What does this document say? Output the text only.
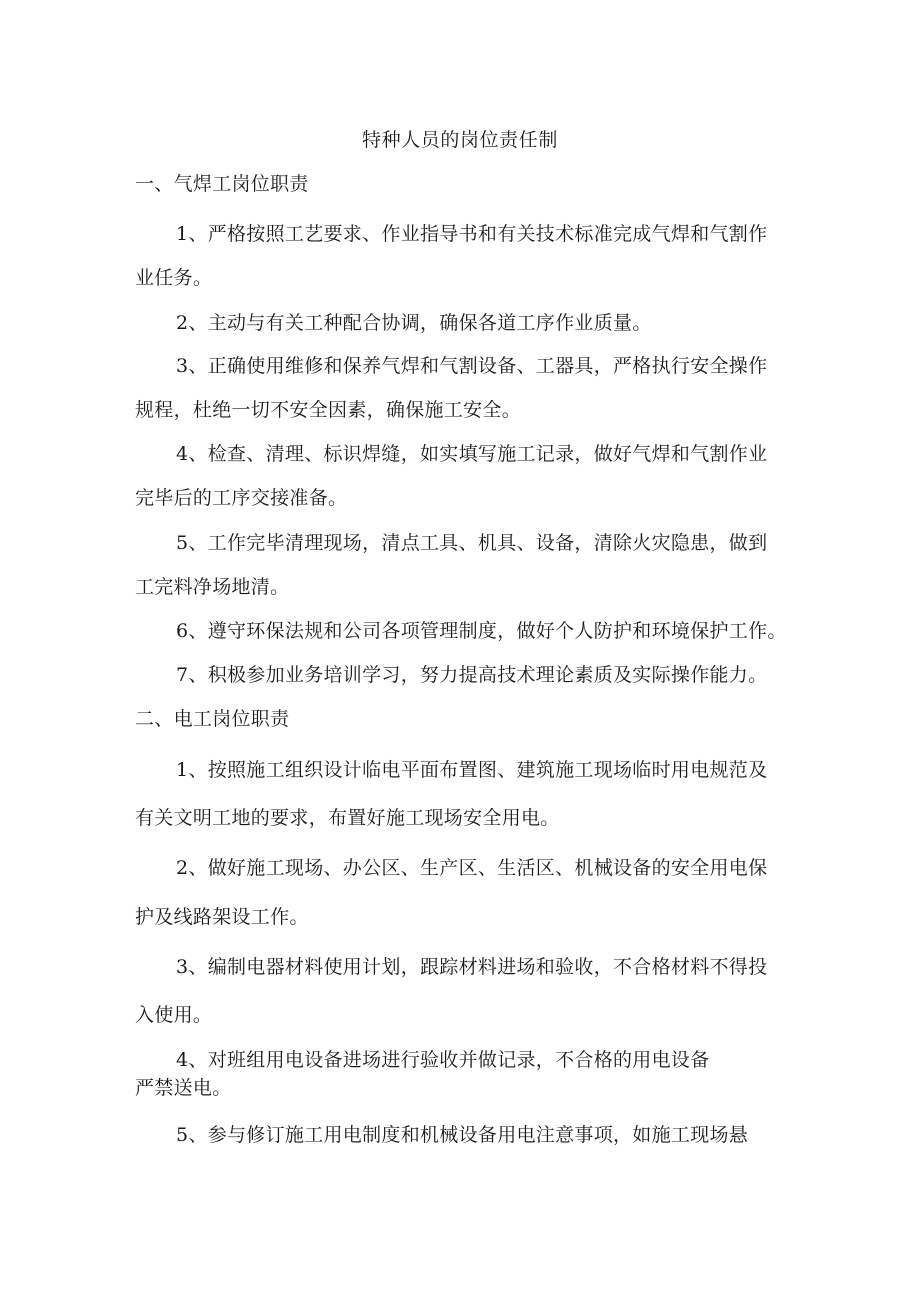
特种人员的岗位责任制
一、气焊工岗位职责
1、严格按照工艺要求、作业指导书和有关技术标准完成气焊和气割作
业任务。
2、主动与有关工种配合协调，确保各道工序作业质量。
3、正确使用维修和保养气焊和气割设备、工器具，严格执行安全操作
规程，杜绝一切不安全因素，确保施工安全。
4、检查、清理、标识焊缝，如实填写施工记录，做好气焊和气割作业
完毕后的工序交接准备。
5、工作完毕清理现场，清点工具、机具、设备，清除火灾隐患，做到
工完料净场地清。
6、遵守环保法规和公司各项管理制度，做好个人防护和环境保护工作。
7、积极参加业务培训学习，努力提高技术理论素质及实际操作能力。
二、电工岗位职责
1、按照施工组织设计临电平面布置图、建筑施工现场临时用电规范及
有关文明工地的要求，布置好施工现场安全用电。
2、做好施工现场、办公区、生产区、生活区、机械设备的安全用电保
护及线路架设工作。
3、编制电器材料使用计划，跟踪材料进场和验收，不合格材料不得投
入使用。
4、对班组用电设备进场进行验收并做记录，不合格的用电设备
严禁送电。
5、参与修订施工用电制度和机械设备用电注意事项，如施工现场悬
